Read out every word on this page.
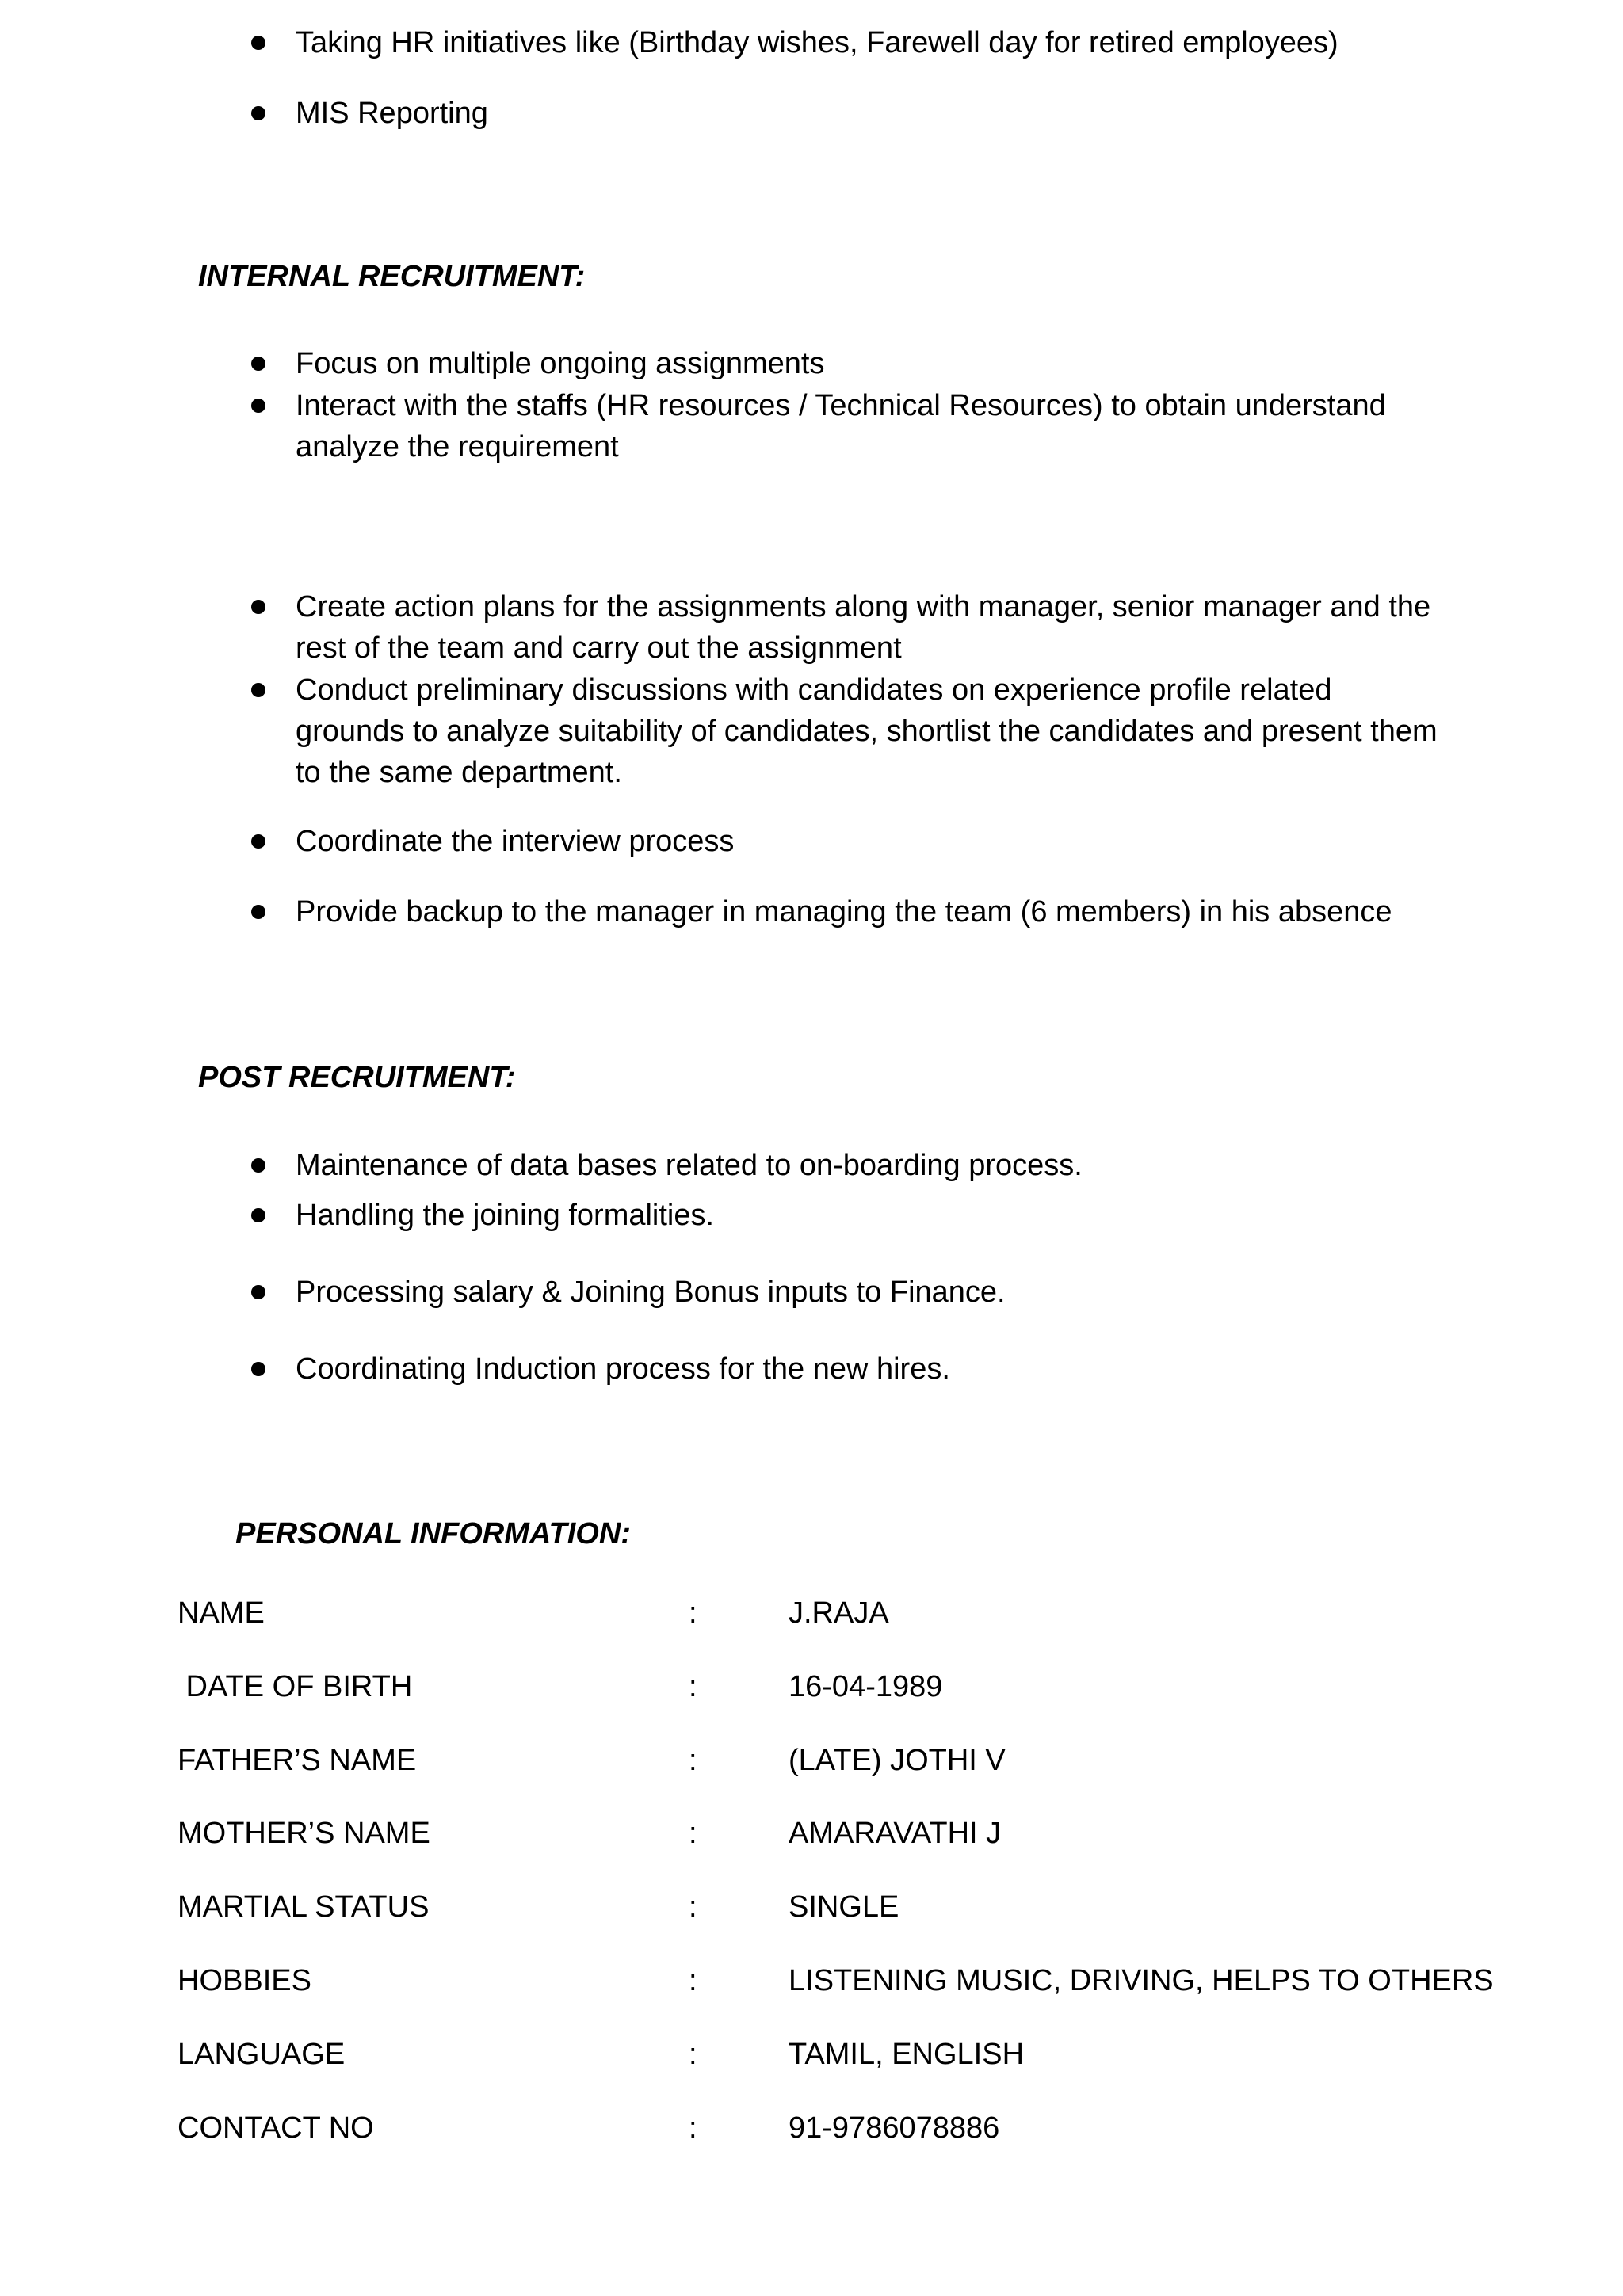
Taking HR initiatives like (Birthday wishes, Farewell day for retired employees)
MIS Reporting
INTERNAL RECRUITMENT:
Focus on multiple ongoing assignments
Interact with the staffs (HR resources / Technical Resources) to obtain understand analyze the requirement
Create action plans for the assignments along with manager, senior manager and the rest of the team and carry out the assignment
Conduct preliminary discussions with candidates on experience profile related grounds to analyze suitability of candidates, shortlist the candidates and present them to the same department.
Coordinate the interview process
Provide backup to the manager in managing the team (6 members) in his absence
POST RECRUITMENT:
Maintenance of data bases related to on-boarding process.
Handling the joining formalities.
Processing salary & Joining Bonus inputs to Finance.
Coordinating Induction process for the new hires.
PERSONAL INFORMATION:
NAME	:	J.RAJA
DATE OF BIRTH	:	16-04-1989
FATHER’S NAME	:	(LATE) JOTHI V
MOTHER’S NAME	:	AMARAVATHI J
MARTIAL STATUS	:	SINGLE
HOBBIES	:	LISTENING MUSIC, DRIVING, HELPS TO OTHERS
LANGUAGE	:	TAMIL, ENGLISH
CONTACT NO	:	91-9786078886
